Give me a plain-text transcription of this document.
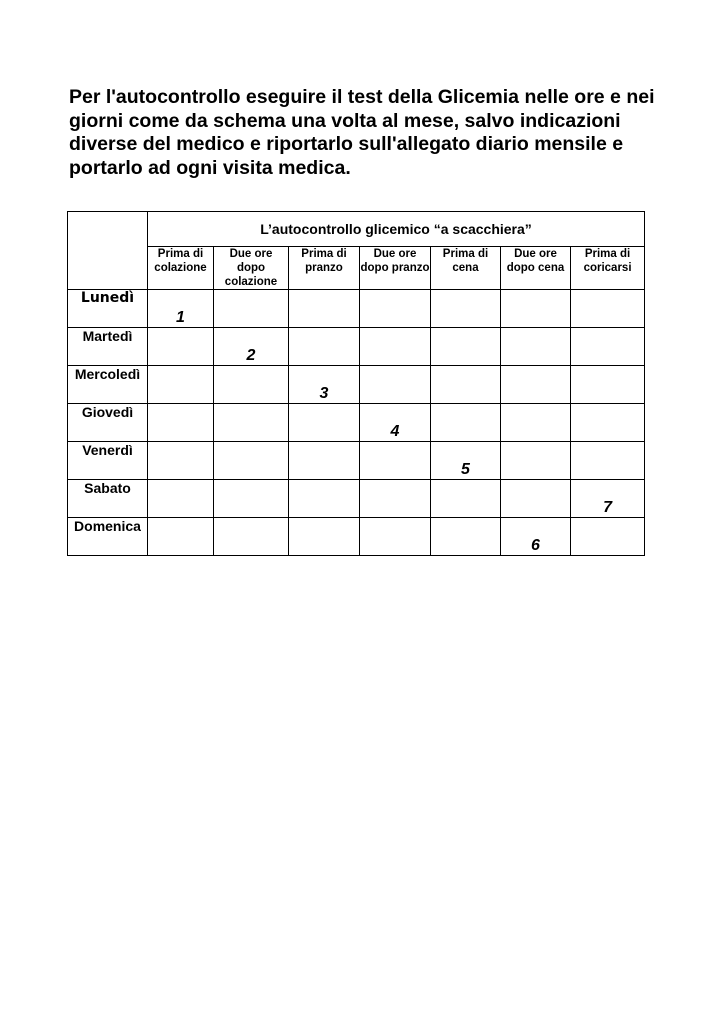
Per l'autocontrollo eseguire il test della Glicemia nelle ore e nei giorni come da schema una volta al mese, salvo indicazioni diverse del medico e riportarlo sull'allegato diario mensile e portarlo ad ogni visita medica.

	L’autocontrollo glicemico “a scacchiera”						
	Prima di colazione	Due ore dopo colazione	Prima di pranzo	Due ore dopo pranzo	Prima di cena	Due ore dopo cena	Prima di coricarsi
Lunedì	1						
Martedì		2					
Mercoledì			3				
Giovedì				4			
Venerdì					5		
Sabato							7
Domenica						6	
